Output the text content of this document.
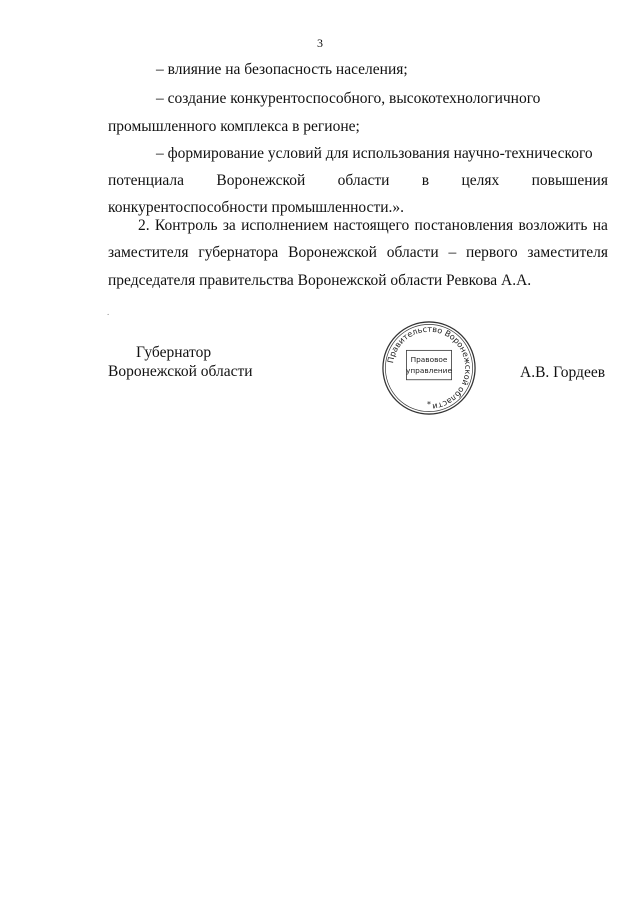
3
– влияние на безопасность населения;
– создание конкурентоспособного, высокотехнологичного
промышленного комплекса в регионе;
– формирование условий для использования научно-технического
потенциала Воронежской области в целях повышения
конкурентоспособности промышленности.».
2. Контроль за исполнением настоящего постановления возложить на
заместителя губернатора Воронежской области – первого заместителя
председателя правительства Воронежской области Ревкова А.А.
.
Губернатор
Воронежской области
Правительство Воронежской области
Правовое
управление
*
А.В. Гордеев
